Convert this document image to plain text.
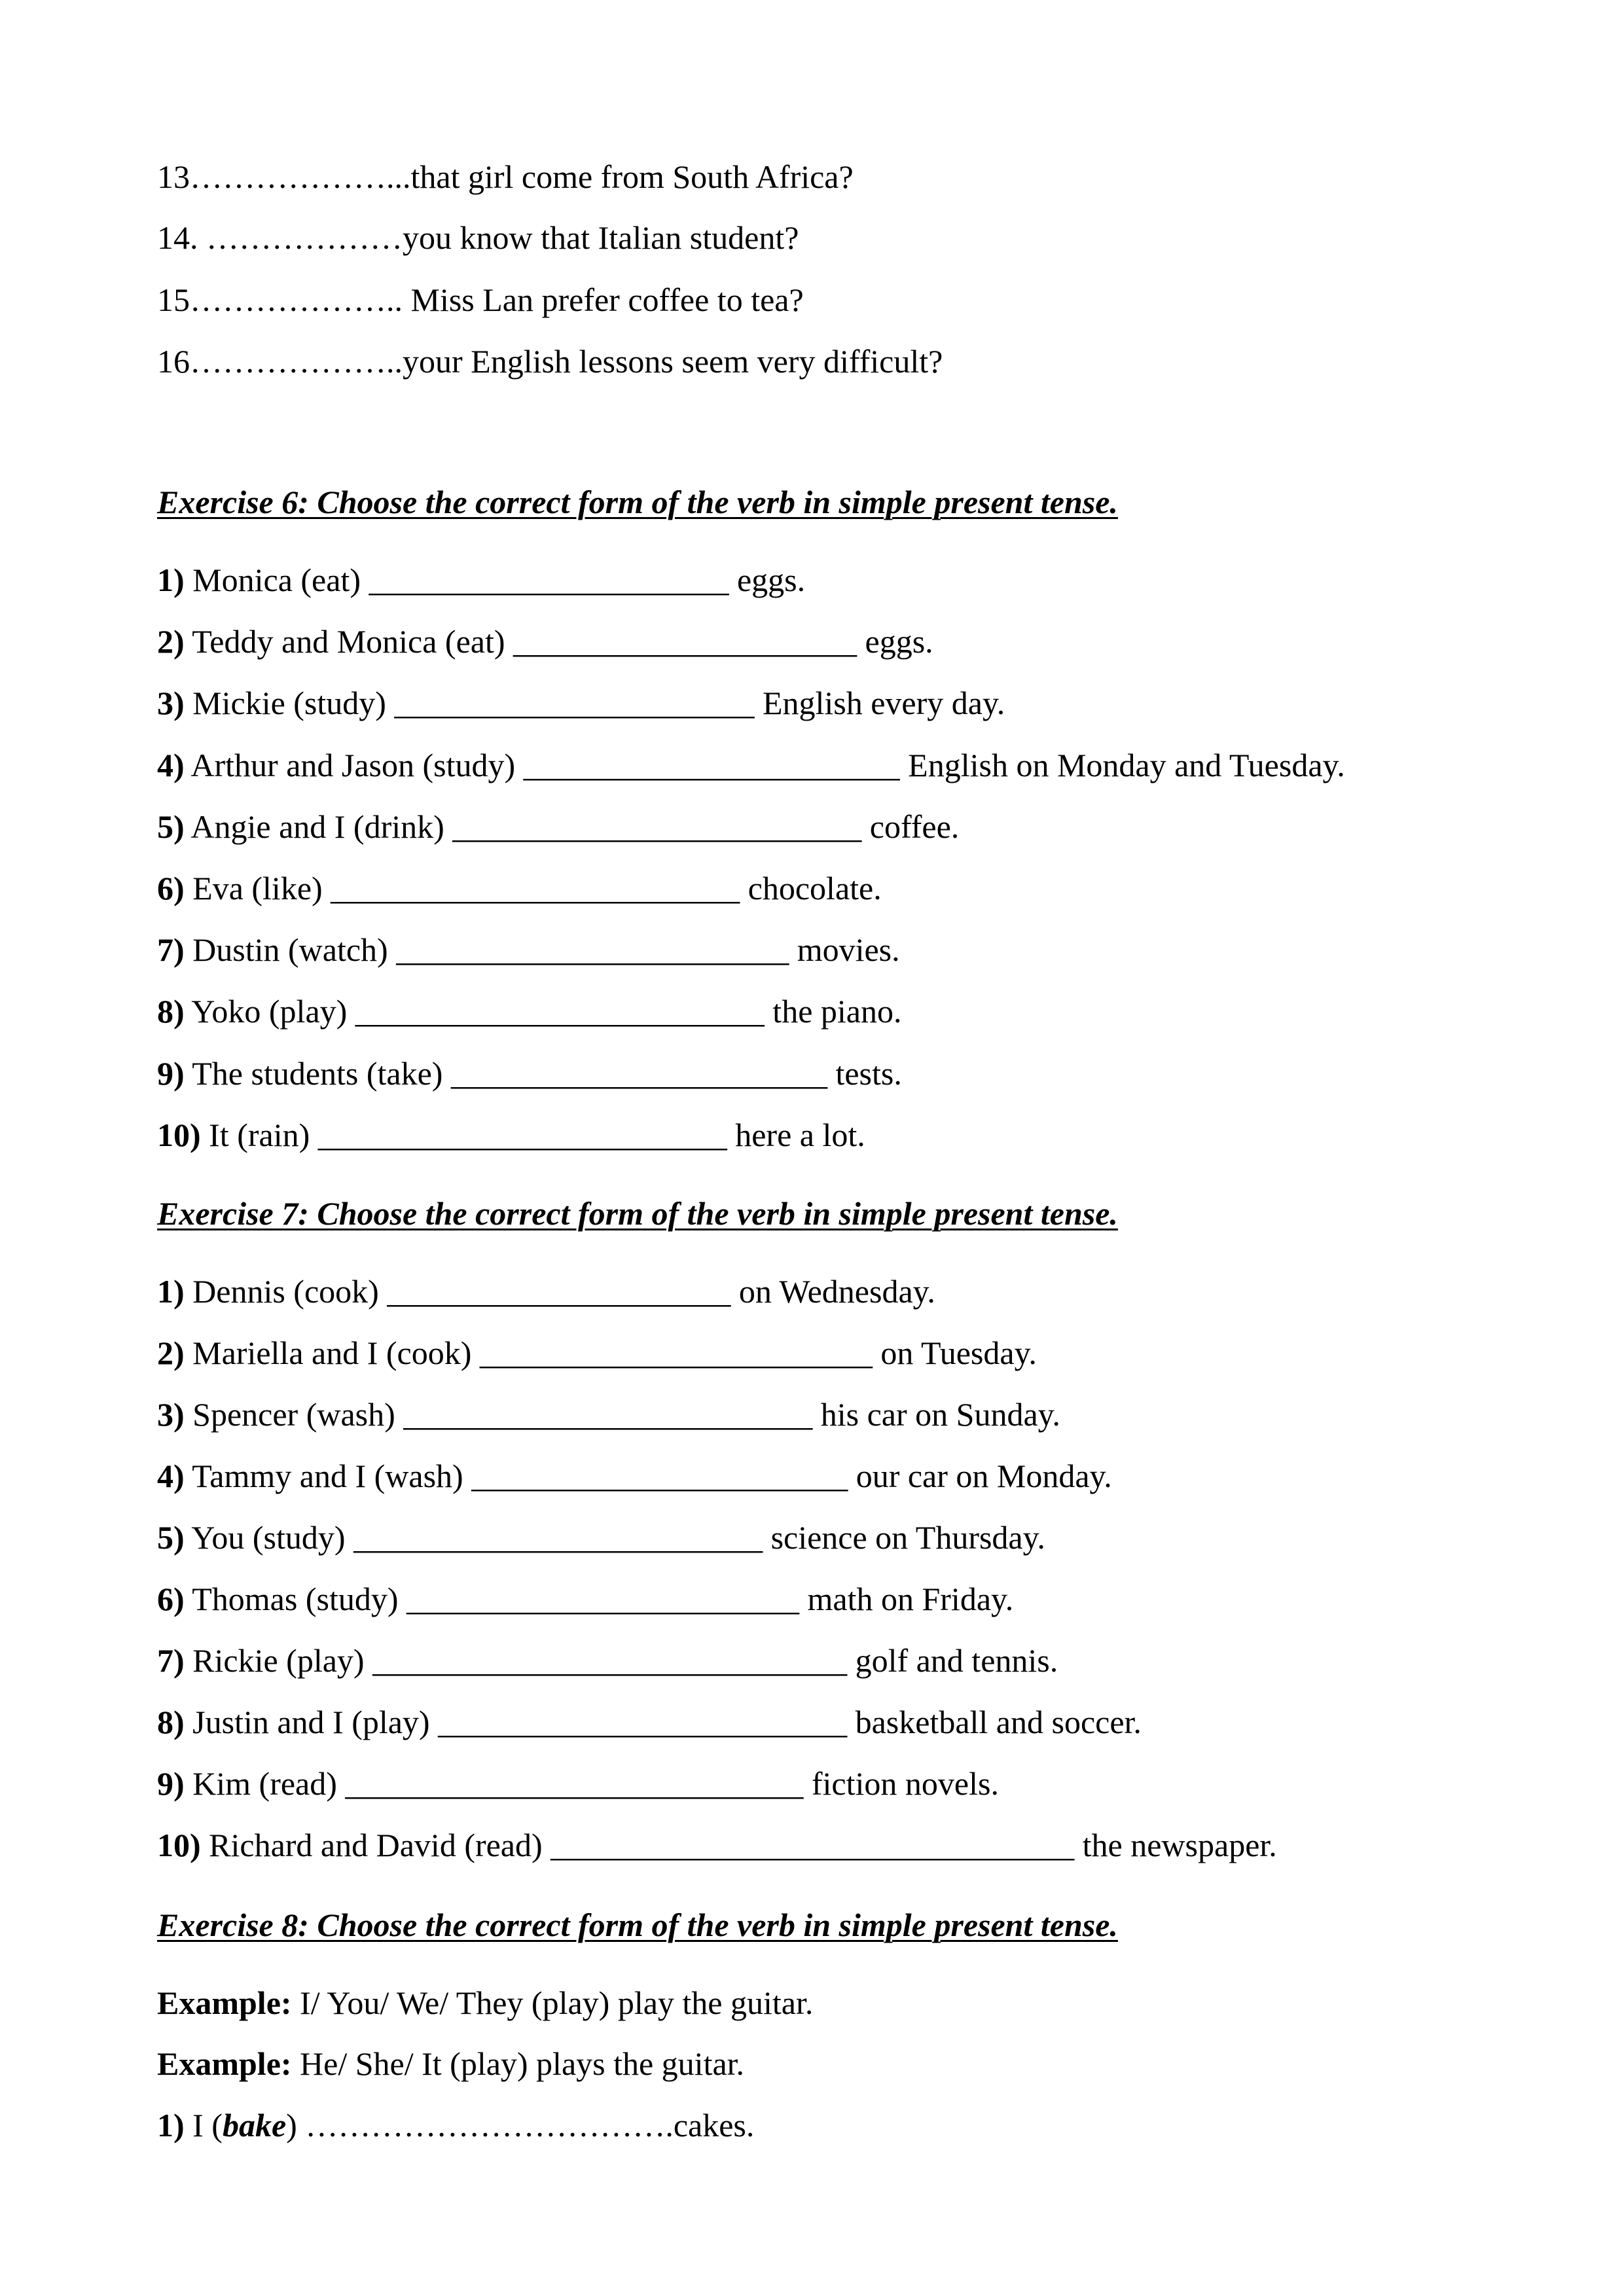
13………………...that girl come from South Africa?
14. ………………you know that Italian student?
15……………….. Miss Lan prefer coffee to tea?
16………………..your English lessons seem very difficult?
Exercise 6: Choose the correct form of the verb in simple present tense.
1) Monica (eat) ______________________ eggs.
2) Teddy and Monica (eat) _____________________ eggs.
3) Mickie (study) ______________________ English every day.
4) Arthur and Jason (study) _______________________ English on Monday and Tuesday.
5) Angie and I (drink) _________________________ coffee.
6) Eva (like) _________________________ chocolate.
7) Dustin (watch) ________________________ movies.
8) Yoko (play) _________________________ the piano.
9) The students (take) _______________________ tests.
10) It (rain) _________________________ here a lot.
Exercise 7: Choose the correct form of the verb in simple present tense.
1) Dennis (cook) _____________________ on Wednesday.
2) Mariella and I (cook) ________________________ on Tuesday.
3) Spencer (wash) _________________________ his car on Sunday.
4) Tammy and I (wash) _______________________ our car on Monday.
5) You (study) _________________________ science on Thursday.
6) Thomas (study) ________________________ math on Friday.
7) Rickie (play) _____________________________ golf and tennis.
8) Justin and I (play) _________________________ basketball and soccer.
9) Kim (read) ____________________________ fiction novels.
10) Richard and David (read) ________________________________ the newspaper.
Exercise 8: Choose the correct form of the verb in simple present tense.
Example: I/ You/ We/ They (play) play the guitar.
Example: He/ She/ It (play) plays the guitar.
1) I (bake) …………………………….cakes.
